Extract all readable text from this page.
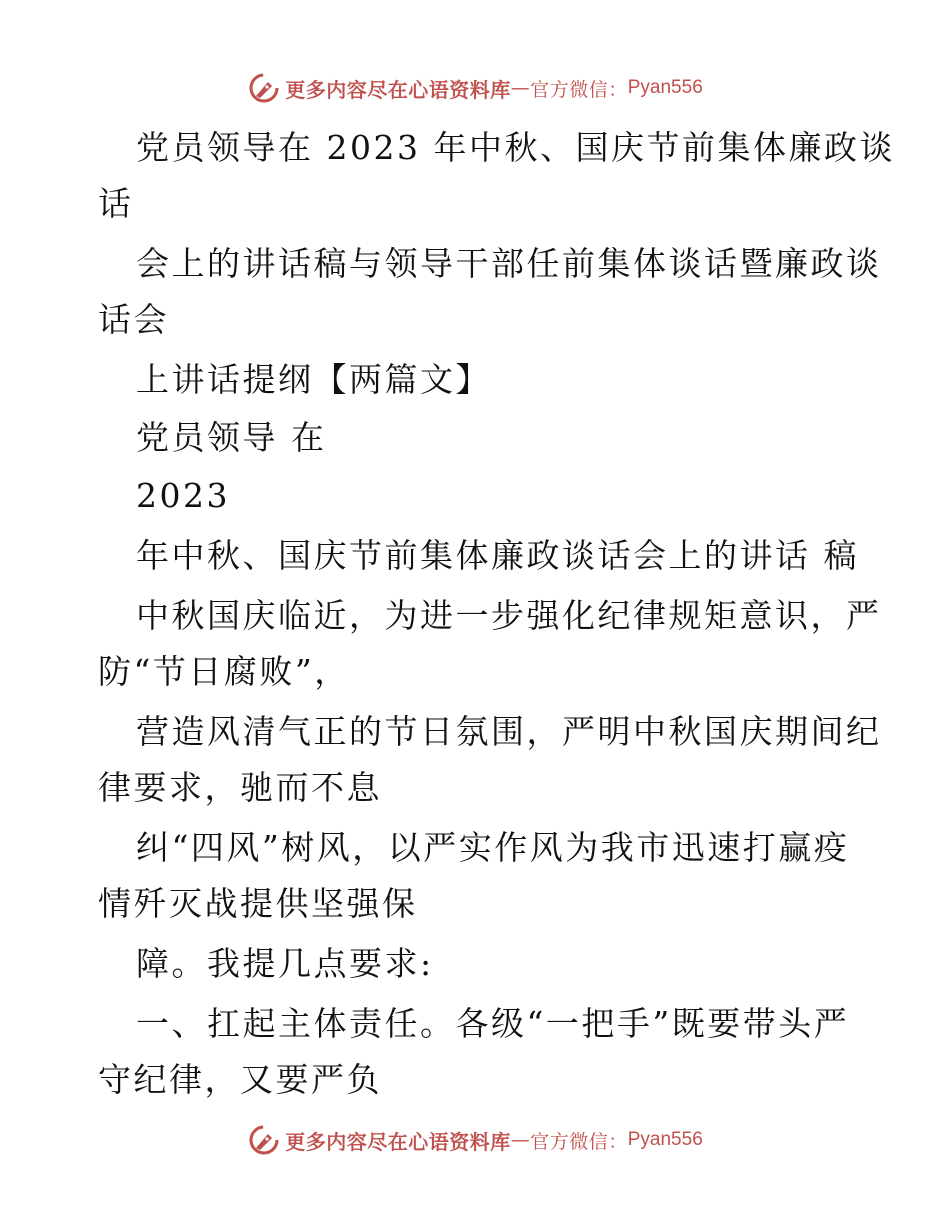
更多内容尽在心语资料库 — 官方微信： Pyan556
党员领导在 2023 年中秋、国庆节前集体廉政谈
话
会上的讲话稿与领导干部任前集体谈话暨廉政谈
话会
上讲话提纲【两篇文】
党员领导 在
2023
年中秋、国庆节前集体廉政谈话会上的讲话 稿
中秋国庆临近，为进一步强化纪律规矩意识，严
防“节日腐败”，
营造风清气正的节日氛围，严明中秋国庆期间纪
律要求，驰而不息
纠“四风”树风，以严实作风为我市迅速打赢疫
情歼灭战提供坚强保
障。我提几点要求:
一、扛起主体责任。各级“一把手”既要带头严
守纪律，又要严负
更多内容尽在心语资料库 — 官方微信： Pyan556
